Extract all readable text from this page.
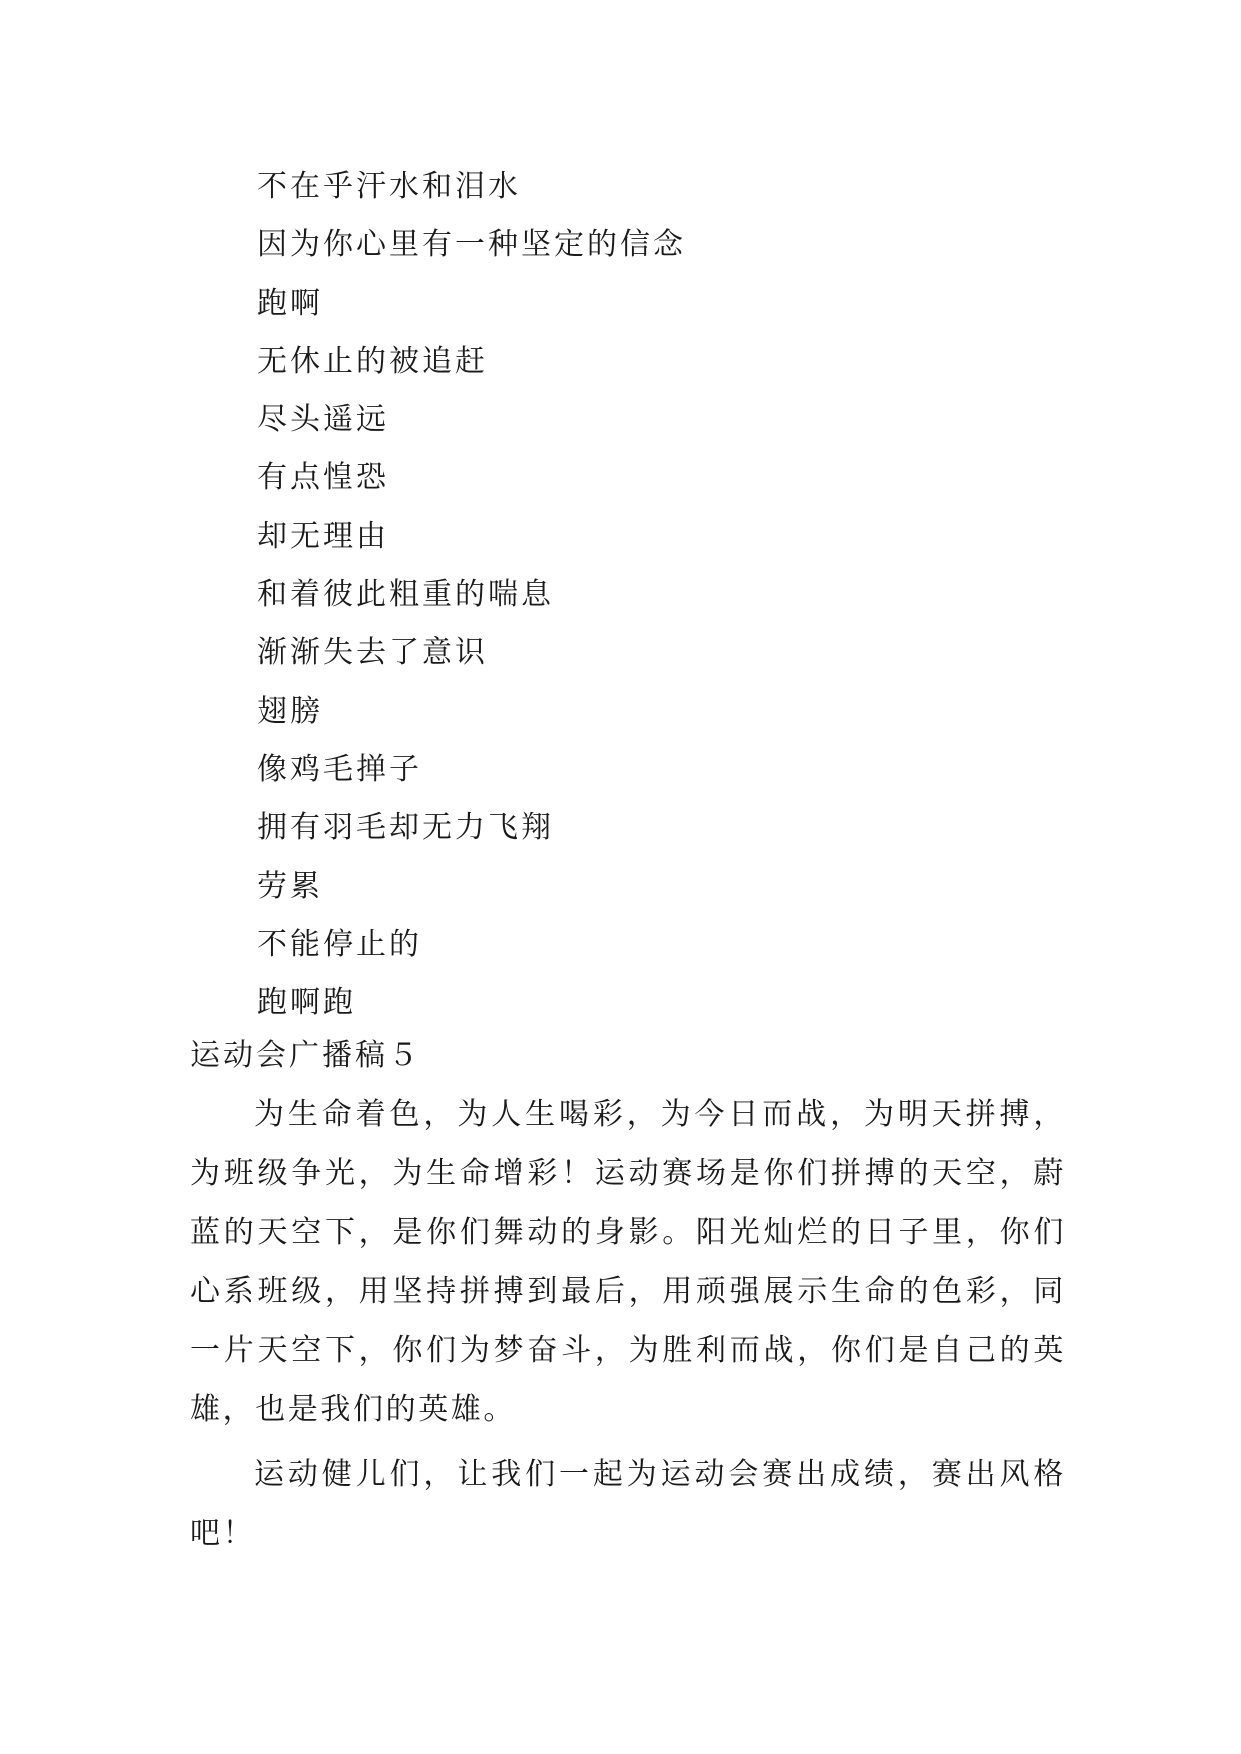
不在乎汗水和泪水
因为你心里有一种坚定的信念
跑啊
无休止的被追赶
尽头遥远
有点惶恐
却无理由
和着彼此粗重的喘息
渐渐失去了意识
翅膀
像鸡毛掸子
拥有羽毛却无力飞翔
劳累
不能停止的
跑啊跑
运动会广播稿５

为生命着色，为人生喝彩，为今日而战，为明天拼搏，为班级争光，为生命增彩！运动赛场是你们拼搏的天空，蔚蓝的天空下，是你们舞动的身影。阳光灿烂的日子里，你们心系班级，用坚持拼搏到最后，用顽强展示生命的色彩，同一片天空下，你们为梦奋斗，为胜利而战，你们是自己的英雄，也是我们的英雄。

运动健儿们，让我们一起为运动会赛出成绩，赛出风格吧！
